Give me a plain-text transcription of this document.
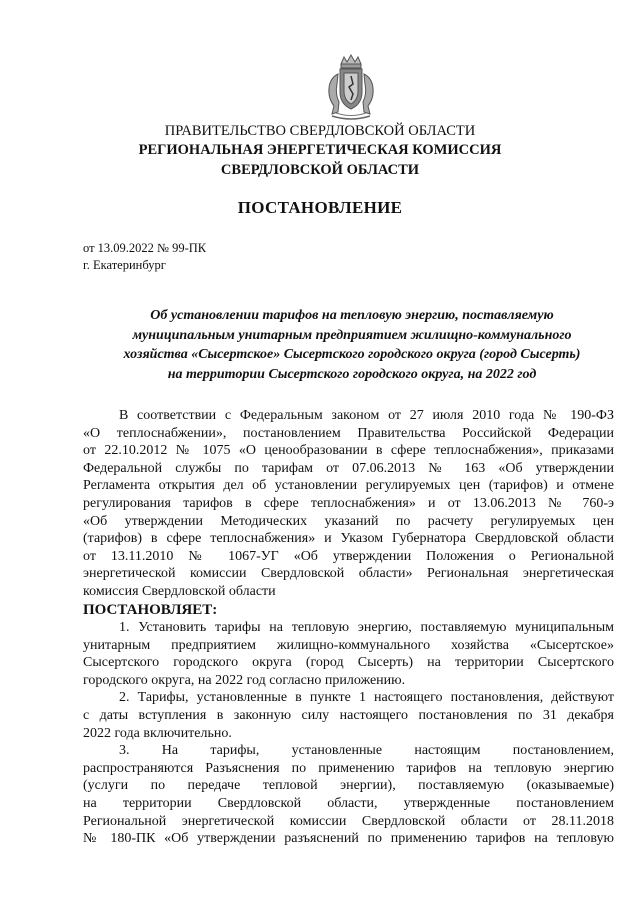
ПРАВИТЕЛЬСТВО СВЕРДЛОВСКОЙ ОБЛАСТИ
РЕГИОНАЛЬНАЯ ЭНЕРГЕТИЧЕСКАЯ КОМИССИЯ
СВЕРДЛОВСКОЙ ОБЛАСТИ
ПОСТАНОВЛЕНИЕ
от 13.09.2022 № 99-ПК
г. Екатеринбург
Об установлении тарифов на тепловую энергию, поставляемую
муниципальным унитарным предприятием жилищно-коммунального
хозяйства «Сысертское» Сысертского городского округа (город Сысерть)
на территории Сысертского городского округа, на 2022 год
В соответствии с Федеральным законом от 27 июля 2010 года № 190-ФЗ
«О теплоснабжении», постановлением Правительства Российской Федерации
от 22.10.2012 № 1075 «О ценообразовании в сфере теплоснабжения», приказами
Федеральной службы по тарифам от 07.06.2013 № 163 «Об утверждении
Регламента открытия дел об установлении регулируемых цен (тарифов) и отмене
регулирования тарифов в сфере теплоснабжения» и от 13.06.2013 № 760-э
«Об утверждении Методических указаний по расчету регулируемых цен
(тарифов) в сфере теплоснабжения» и Указом Губернатора Свердловской области
от 13.11.2010 № 1067-УГ «Об утверждении Положения о Региональной
энергетической комиссии Свердловской области» Региональная энергетическая
комиссия Свердловской области
ПОСТАНОВЛЯЕТ:
1. Установить тарифы на тепловую энергию, поставляемую муниципальным
унитарным предприятием жилищно-коммунального хозяйства «Сысертское»
Сысертского городского округа (город Сысерть) на территории Сысертского
городского округа, на 2022 год согласно приложению.
2. Тарифы, установленные в пункте 1 настоящего постановления, действуют
с даты вступления в законную силу настоящего постановления по 31 декабря
2022 года включительно.
3. На тарифы, установленные настоящим постановлением,
распространяются Разъяснения по применению тарифов на тепловую энергию
(услуги по передаче тепловой энергии), поставляемую (оказываемые)
на территории Свердловской области, утвержденные постановлением
Региональной энергетической комиссии Свердловской области от 28.11.2018
№ 180-ПК «Об утверждении разъяснений по применению тарифов на тепловую
